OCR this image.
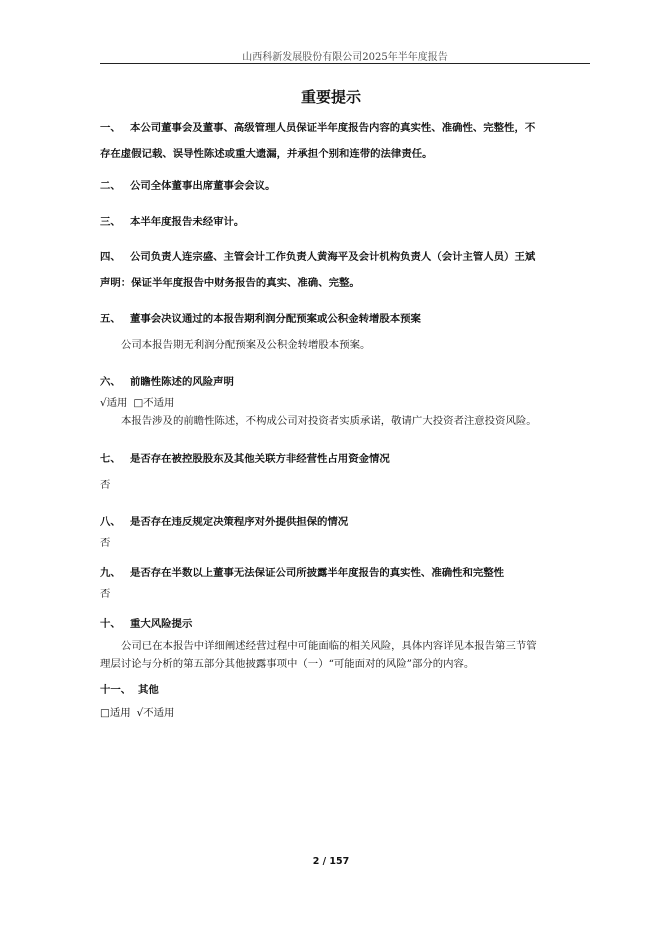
山西科新发展股份有限公司2025年半年度报告
重要提示
一、 本公司董事会及董事、高级管理人员保证半年度报告内容的真实性、准确性、完整性，不
存在虚假记载、误导性陈述或重大遗漏，并承担个别和连带的法律责任。
二、 公司全体董事出席董事会会议。
三、 本半年度报告未经审计。
四、 公司负责人连宗盛、主管会计工作负责人黄海平及会计机构负责人（会计主管人员）王斌
声明：保证半年度报告中财务报告的真实、准确、完整。
五、 董事会决议通过的本报告期利润分配预案或公积金转增股本预案
公司本报告期无利润分配预案及公积金转增股本预案。
六、 前瞻性陈述的风险声明
√适用 □不适用
本报告涉及的前瞻性陈述，不构成公司对投资者实质承诺，敬请广大投资者注意投资风险。
七、 是否存在被控股股东及其他关联方非经营性占用资金情况
否
八、 是否存在违反规定决策程序对外提供担保的情况
否
九、 是否存在半数以上董事无法保证公司所披露半年度报告的真实性、准确性和完整性
否
十、 重大风险提示
公司已在本报告中详细阐述经营过程中可能面临的相关风险，具体内容详见本报告第三节管
理层讨论与分析的第五部分其他披露事项中（一）“可能面对的风险”部分的内容。
十一、 其他
□适用 √不适用
2 / 157
